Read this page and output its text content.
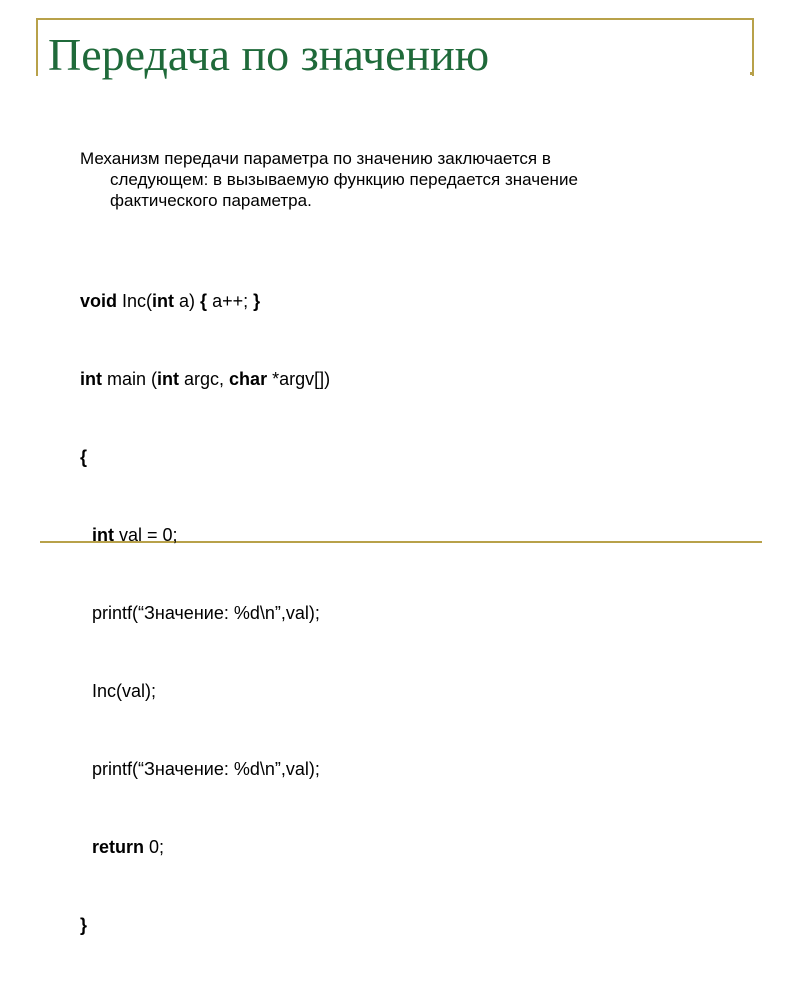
Передача по значению
Механизм передачи параметра по значению заключается в
следующем: в вызываемую функцию передается значение
фактического параметра.

void Inc(int a) { a++; }

int main (int argc, char *argv[])

{

int val = 0;

printf(“Значение: %d\n”,val);

Inc(val);

printf(“Значение: %d\n”,val);

return 0;

}
